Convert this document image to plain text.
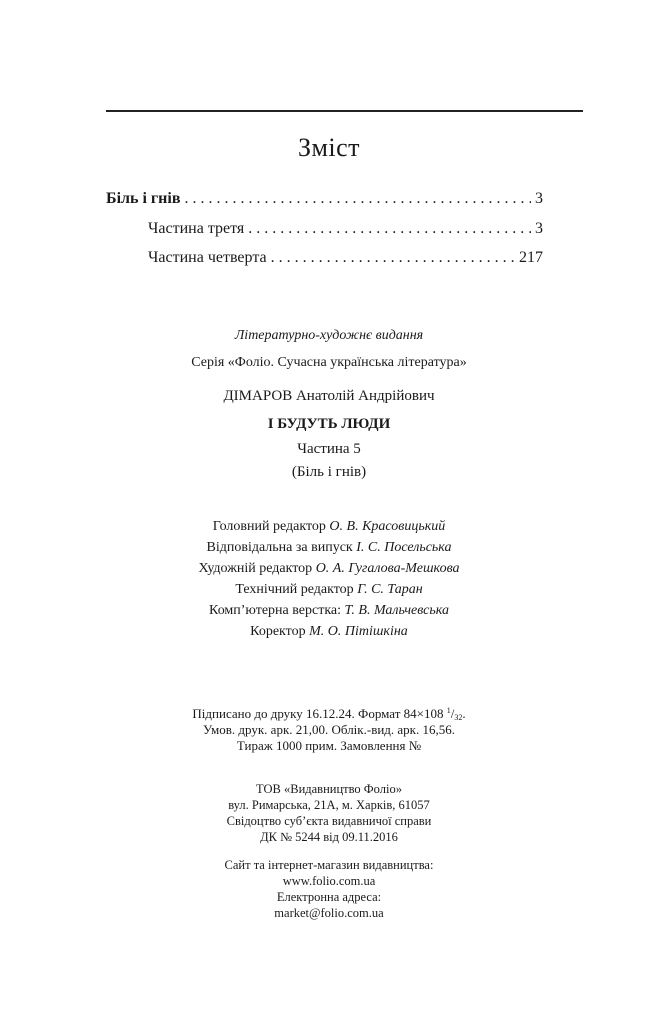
Зміст
Біль і гнів . . .	3
Частина третя . . .	3
Частина четверта . . .	217
Літературно-художнє видання
Серія «Фоліо. Сучасна українська література»
ДІМАРОВ Анатолій Андрійович
І БУДУТЬ ЛЮДИ
Частина 5
(Біль і гнів)
Головний редактор О. В. Красовицький
Відповідальна за випуск І. С. Посельська
Художній редактор О. А. Гугалова-Мешкова
Технічний редактор Г. С. Таран
Комп’ютерна верстка: Т. В. Мальчевська
Коректор М. О. Пітішкіна
Підписано до друку 16.12.24. Формат 84×108 $^1/_{32}$.
Умов. друк. арк. 21,00. Облік.-вид. арк. 16,56.
Тираж 1000 прим. Замовлення №
ТОВ «Видавництво Фоліо»
вул. Римарська, 21А, м. Харків, 61057
Свідоцтво суб’єкта видавничої справи
ДК № 5244 від 09.11.2016
Сайт та інтернет-магазин видавництва:
www.folio.com.ua
Електронна адреса:
market@folio.com.ua
